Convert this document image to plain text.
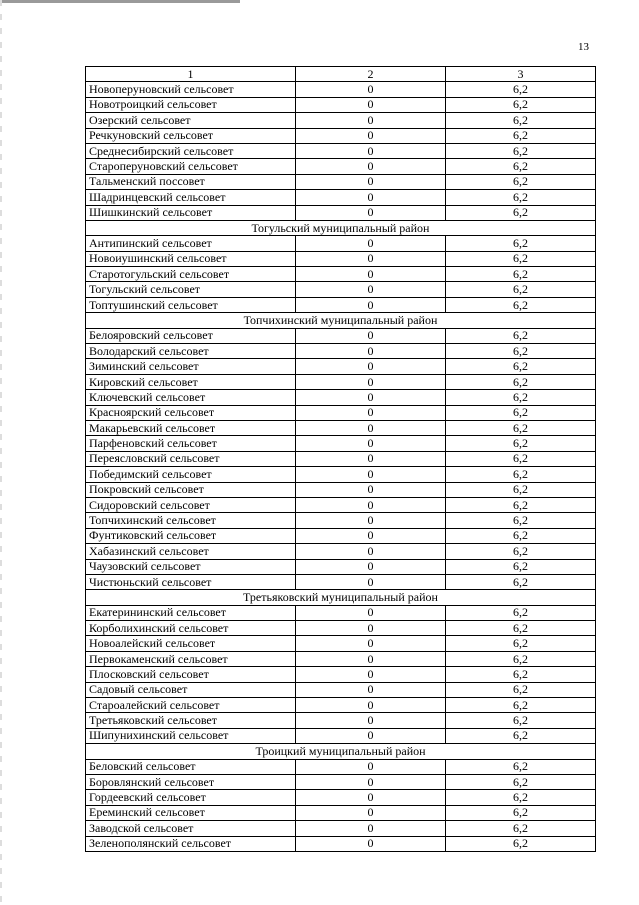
13
1	2	3
Новоперуновский сельсовет	0	6,2
Новотроицкий сельсовет	0	6,2
Озерский сельсовет	0	6,2
Речкуновский сельсовет	0	6,2
Среднесибирский сельсовет	0	6,2
Староперуновский сельсовет	0	6,2
Тальменский поссовет	0	6,2
Шадринцевский сельсовет	0	6,2
Шишкинский сельсовет	0	6,2
Тогульский муниципальный район		
Антипинский сельсовет	0	6,2
Новоиушинский сельсовет	0	6,2
Старотогульский сельсовет	0	6,2
Тогульский сельсовет	0	6,2
Топтушинский сельсовет	0	6,2
Топчихинский муниципальный район		
Белояровский сельсовет	0	6,2
Володарский сельсовет	0	6,2
Зиминский сельсовет	0	6,2
Кировский сельсовет	0	6,2
Ключевский сельсовет	0	6,2
Красноярский сельсовет	0	6,2
Макарьевский сельсовет	0	6,2
Парфеновский сельсовет	0	6,2
Переясловский сельсовет	0	6,2
Победимский сельсовет	0	6,2
Покровский сельсовет	0	6,2
Сидоровский сельсовет	0	6,2
Топчихинский сельсовет	0	6,2
Фунтиковский сельсовет	0	6,2
Хабазинский сельсовет	0	6,2
Чаузовский сельсовет	0	6,2
Чистюньский сельсовет	0	6,2
Третьяковский муниципальный район		
Екатерининский сельсовет	0	6,2
Корболихинский сельсовет	0	6,2
Новоалейский сельсовет	0	6,2
Первокаменский сельсовет	0	6,2
Плосковский сельсовет	0	6,2
Садовый сельсовет	0	6,2
Староалейский сельсовет	0	6,2
Третьяковский сельсовет	0	6,2
Шипунихинский сельсовет	0	6,2
Троицкий муниципальный район		
Беловский сельсовет	0	6,2
Боровлянский сельсовет	0	6,2
Гордеевский сельсовет	0	6,2
Ереминский сельсовет	0	6,2
Заводской сельсовет	0	6,2
Зеленополянский сельсовет	0	6,2
